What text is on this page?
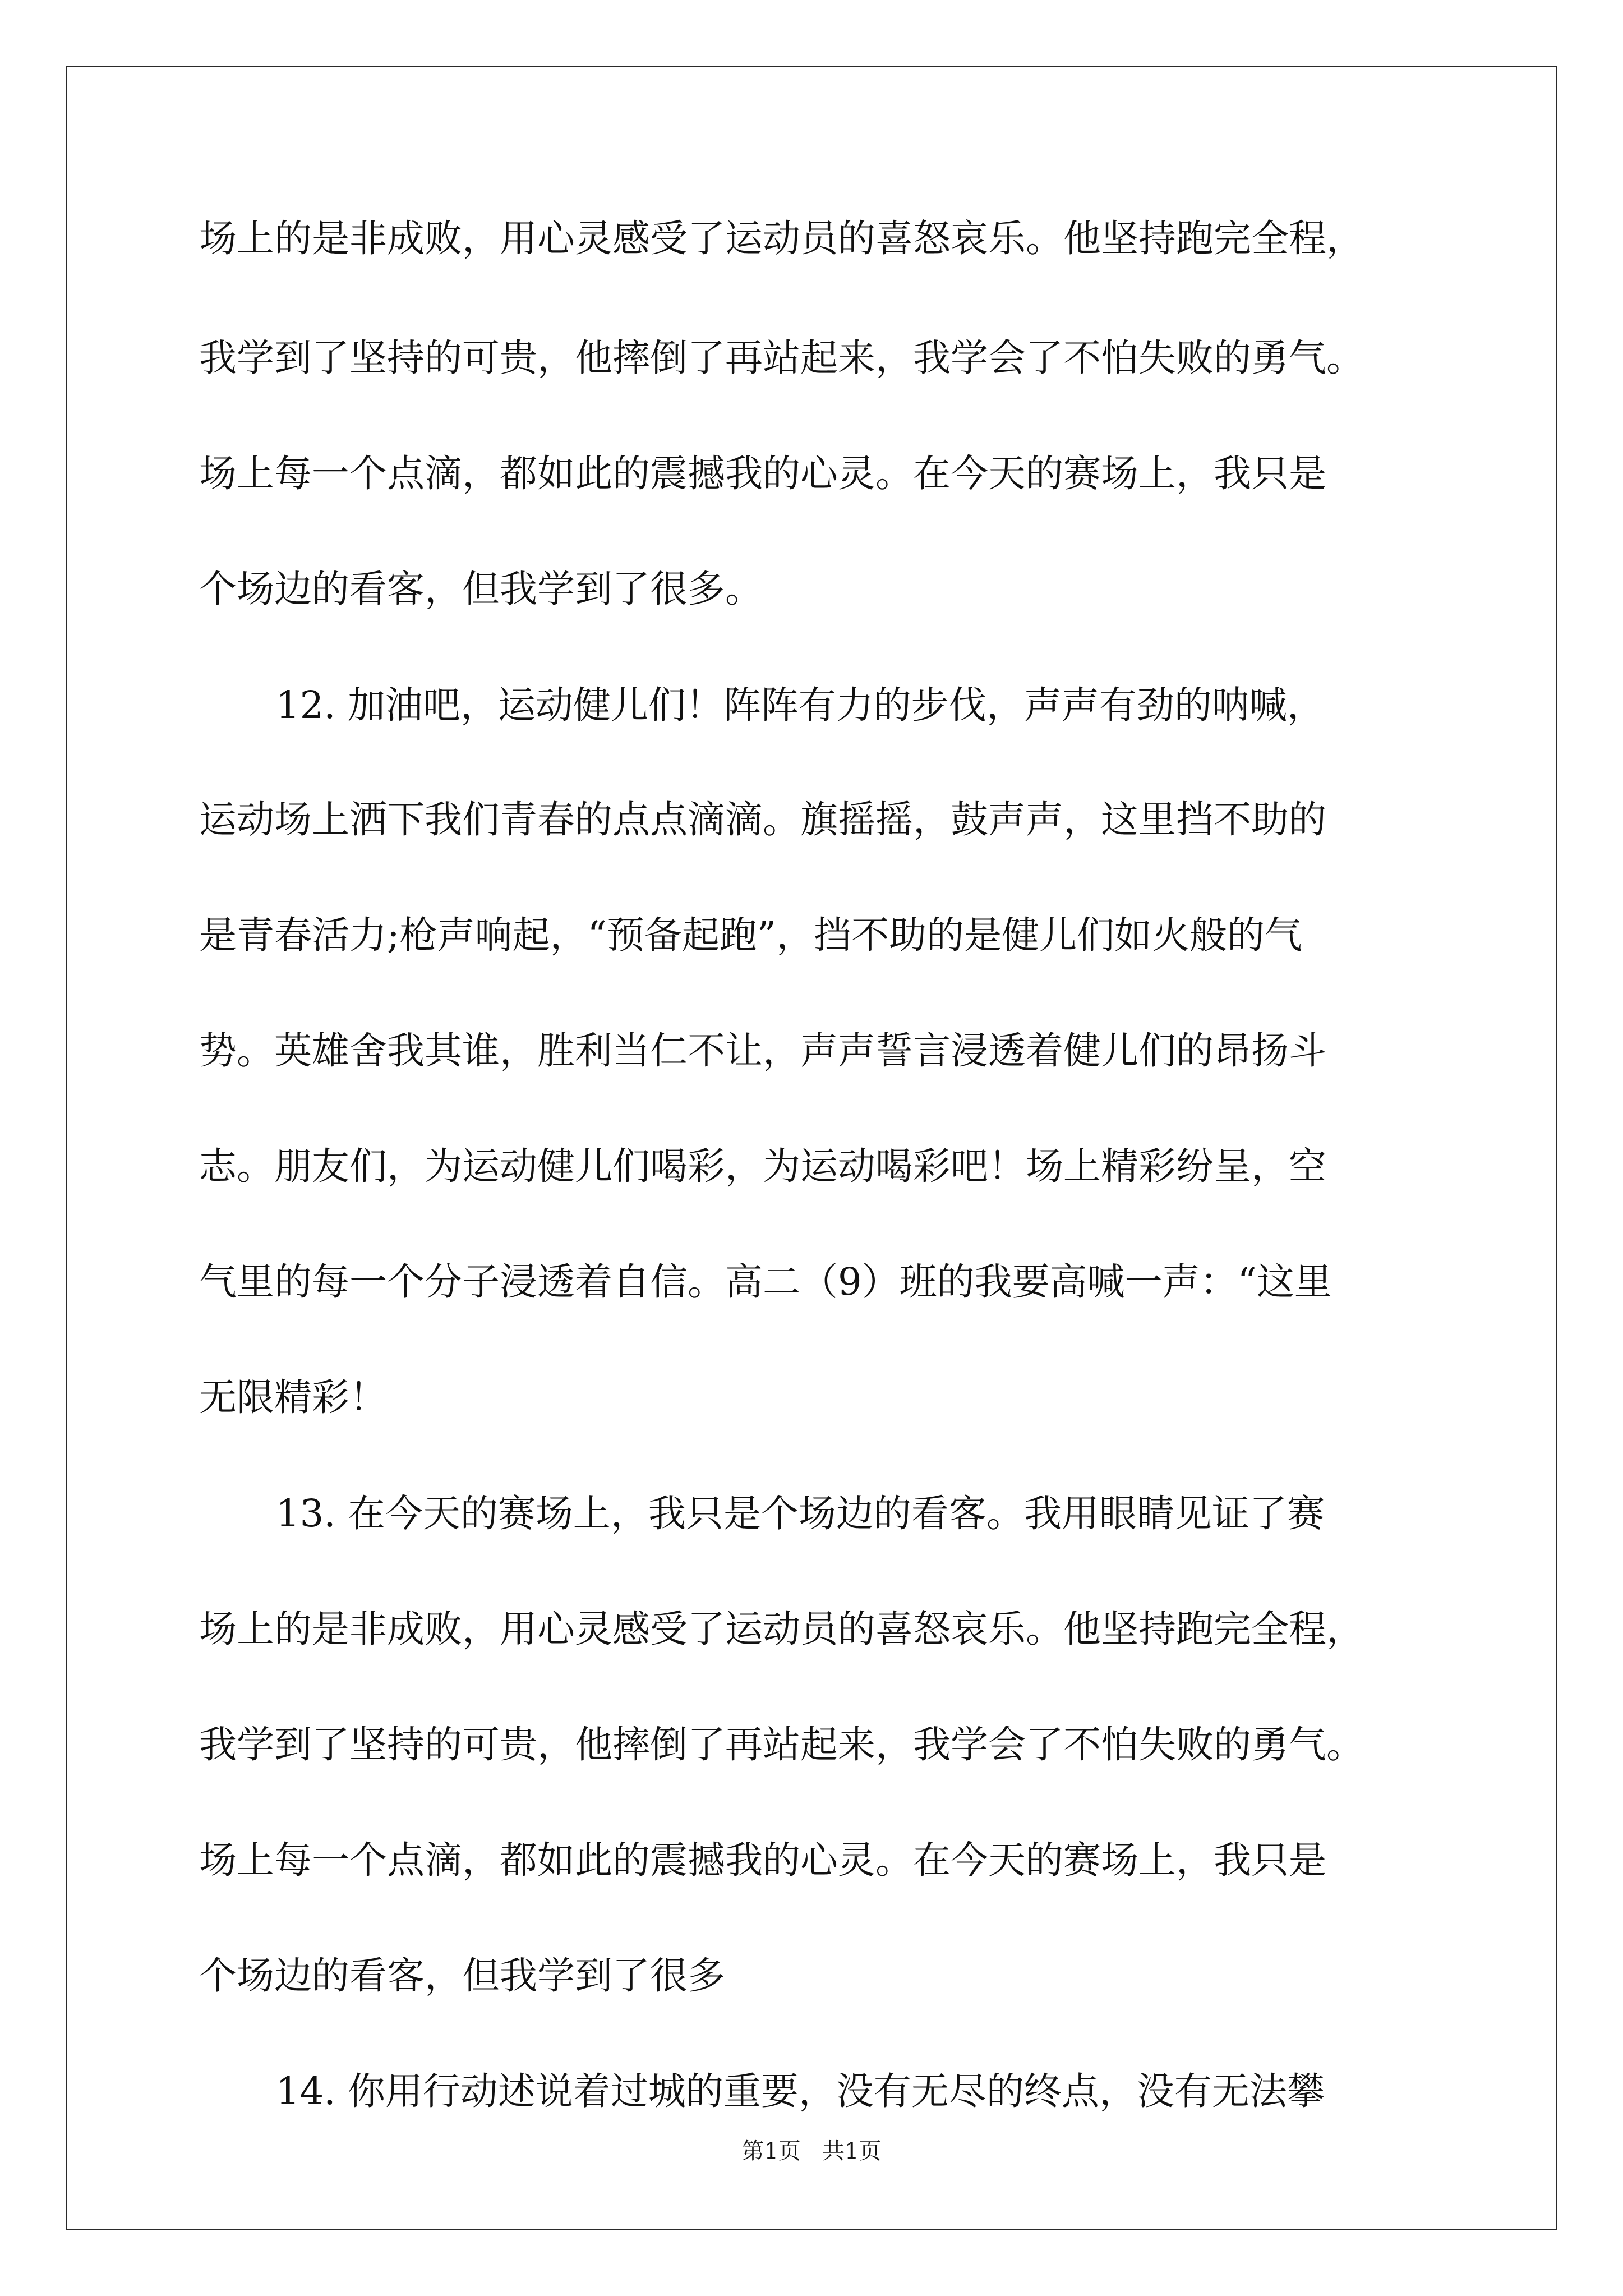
场上的是非成败，用心灵感受了运动员的喜怒哀乐。他坚持跑完全程，
我学到了坚持的可贵，他摔倒了再站起来，我学会了不怕失败的勇气。
场上每一个点滴，都如此的震撼我的心灵。在今天的赛场上，我只是
个场边的看客，但我学到了很多。
12. 加油吧，运动健儿们！阵阵有力的步伐，声声有劲的呐喊，
运动场上洒下我们青春的点点滴滴。旗摇摇，鼓声声，这里挡不助的
是青春活力;枪声响起，“预备起跑”，挡不助的是健儿们如火般的气
势。英雄舍我其谁，胜利当仁不让，声声誓言浸透着健儿们的昂扬斗
志。朋友们，为运动健儿们喝彩，为运动喝彩吧！场上精彩纷呈，空
气里的每一个分子浸透着自信。高二（9）班的我要高喊一声：“这里
无限精彩！
13. 在今天的赛场上，我只是个场边的看客。我用眼睛见证了赛
场上的是非成败，用心灵感受了运动员的喜怒哀乐。他坚持跑完全程，
我学到了坚持的可贵，他摔倒了再站起来，我学会了不怕失败的勇气。
场上每一个点滴，都如此的震撼我的心灵。在今天的赛场上，我只是
个场边的看客，但我学到了很多
14. 你用行动述说着过城的重要，没有无尽的终点，没有无法攀
第1页   共1页
